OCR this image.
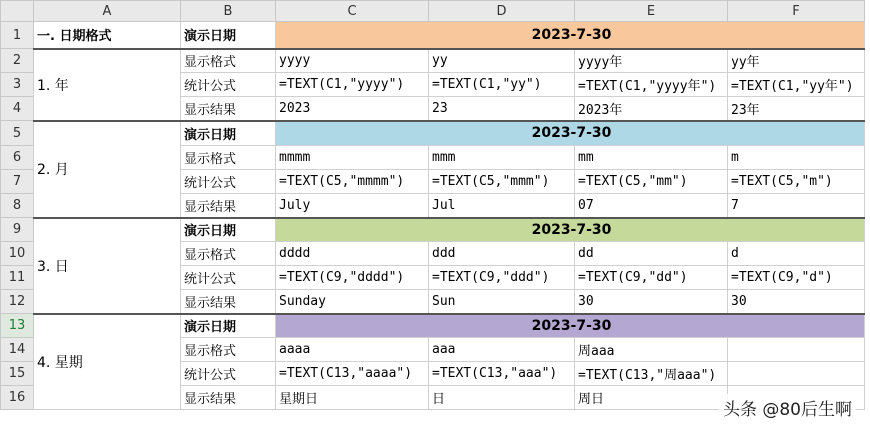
	A	B	C	D	E	F
1	一. 日期格式	演示日期	2023-7-30			
2	1. 年	显示格式	yyyy	yy	yyyy年	yy年
3		统计公式	=TEXT(C1,"yyyy")	=TEXT(C1,"yy")	=TEXT(C1,"yyyy年")	=TEXT(C1,"yy年")
4		显示结果	2023	23	2023年	23年
5	2. 月	演示日期	2023-7-30			
6		显示格式	mmmm	mmm	mm	m
7		统计公式	=TEXT(C5,"mmmm")	=TEXT(C5,"mmm")	=TEXT(C5,"mm")	=TEXT(C5,"m")
8		显示结果	July	Jul	07	7
9	3. 日	演示日期	2023-7-30			
10		显示格式	dddd	ddd	dd	d
11		统计公式	=TEXT(C9,"dddd")	=TEXT(C9,"ddd")	=TEXT(C9,"dd")	=TEXT(C9,"d")
12		显示结果	Sunday	Sun	30	30
13	4. 星期	演示日期	2023-7-30			
14		显示格式	aaaa	aaa	周aaa	
15		统计公式	=TEXT(C13,"aaaa")	=TEXT(C13,"aaa")	=TEXT(C13,"周aaa")	
16		显示结果	星期日	日	周日	
头条 @80后生啊
